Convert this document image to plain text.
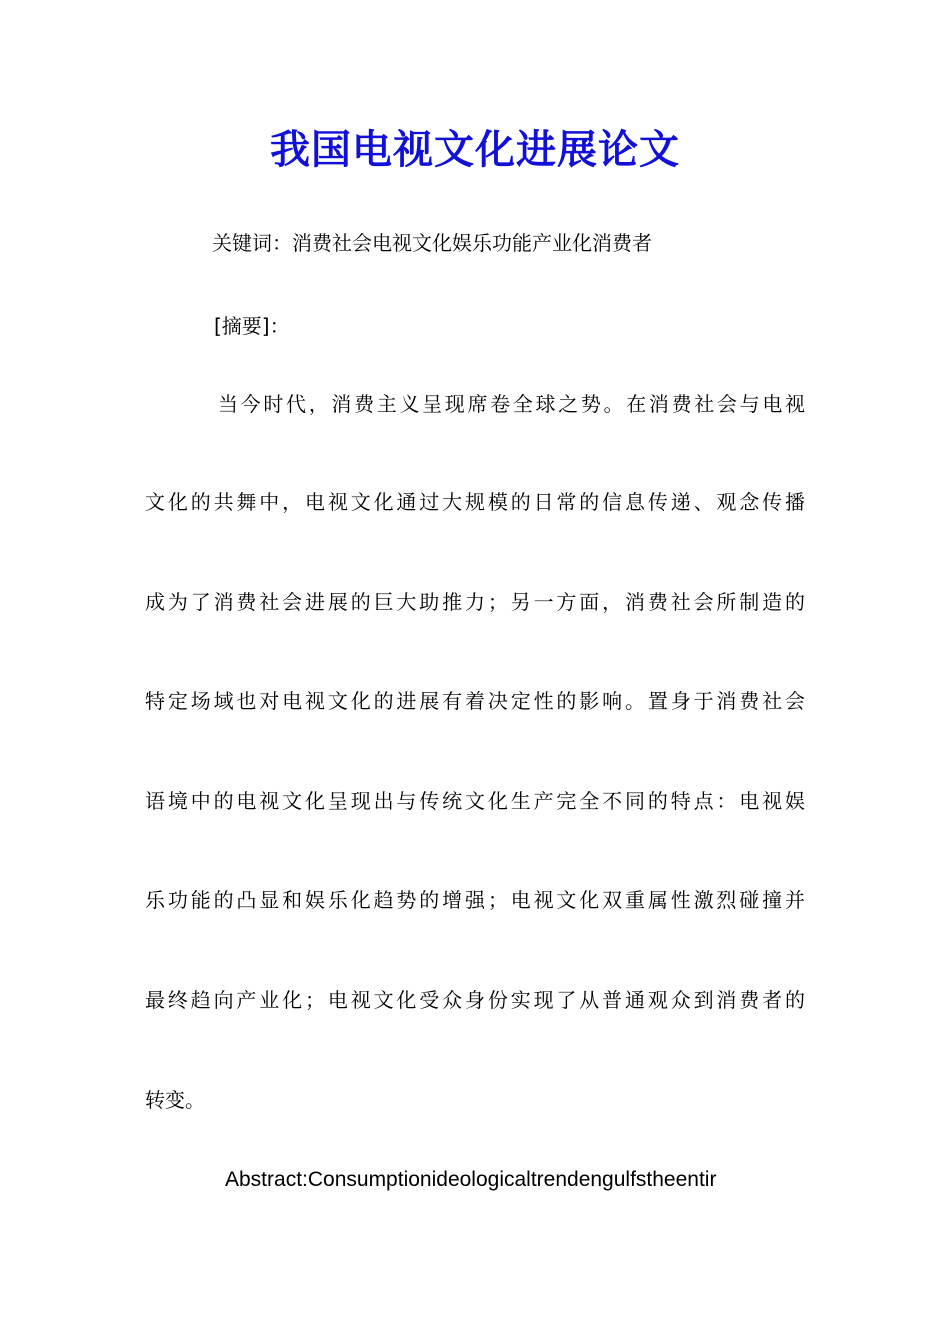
我国电视文化进展论文
关键词：消费社会电视文化娱乐功能产业化消费者
[摘要]：
当今时代，消费主义呈现席卷全球之势。在消费社会与电视
文化的共舞中，电视文化通过大规模的日常的信息传递、观念传播
成为了消费社会进展的巨大助推力；另一方面，消费社会所制造的
特定场域也对电视文化的进展有着决定性的影响。置身于消费社会
语境中的电视文化呈现出与传统文化生产完全不同的特点：电视娱
乐功能的凸显和娱乐化趋势的增强；电视文化双重属性激烈碰撞并
最终趋向产业化；电视文化受众身份实现了从普通观众到消费者的
转变。
Abstract:Consumptionideologicaltrendengulfstheentir
